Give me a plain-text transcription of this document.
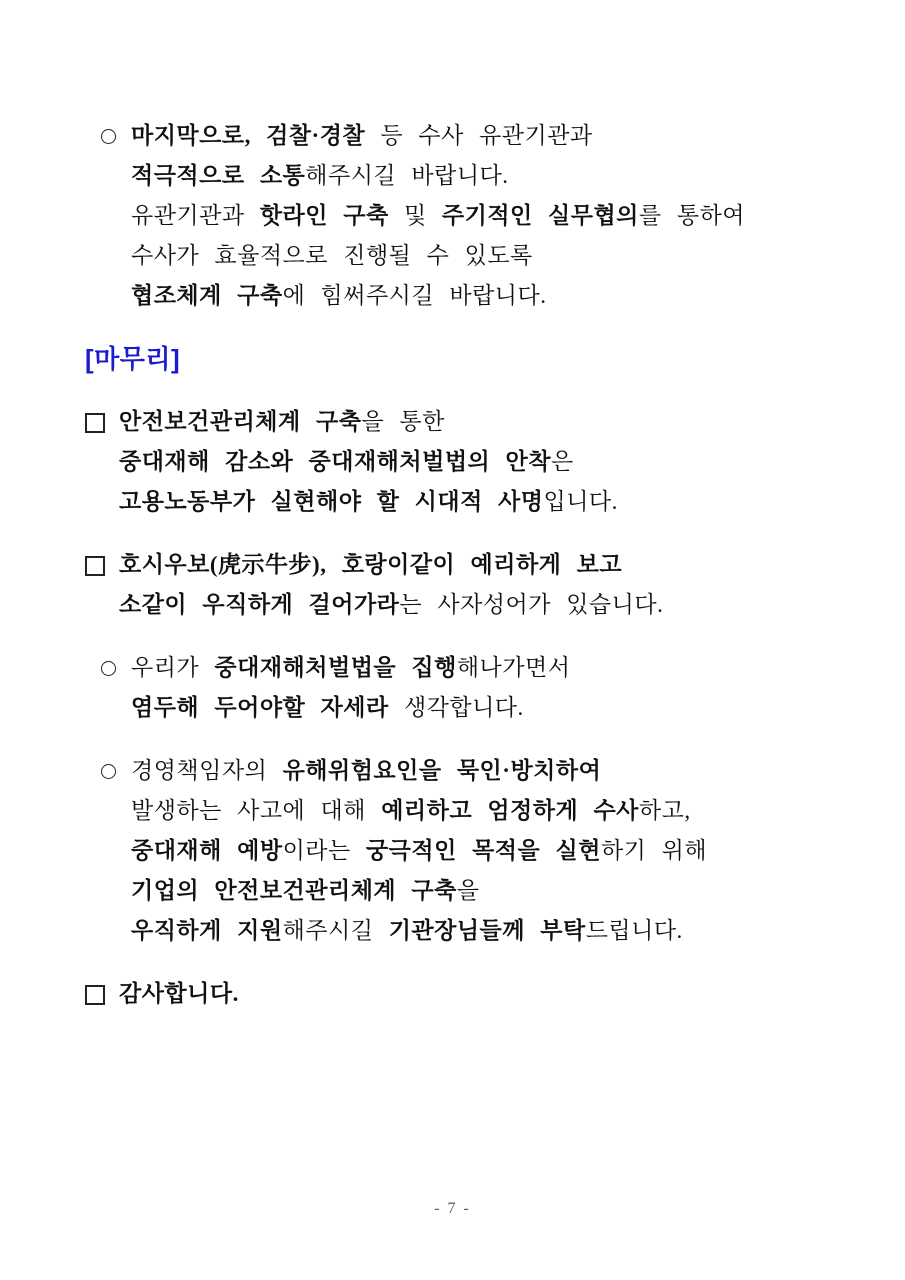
마지막으로, 검찰·경찰 등 수사 유관기관과
적극적으로 소통해주시길 바랍니다.
유관기관과 핫라인 구축 및 주기적인 실무협의를 통하여
수사가 효율적으로 진행될 수 있도록
협조체계 구축에 힘써주시길 바랍니다.
[마무리]
안전보건관리체계 구축을 통한
중대재해 감소와 중대재해처벌법의 안착은
고용노동부가 실현해야 할 시대적 사명입니다.
호시우보(虎示牛步), 호랑이같이 예리하게 보고
소같이 우직하게 걸어가라는 사자성어가 있습니다.
우리가 중대재해처벌법을 집행해나가면서
염두해 두어야할 자세라 생각합니다.
경영책임자의 유해위험요인을 묵인·방치하여
발생하는 사고에 대해 예리하고 엄정하게 수사하고,
중대재해 예방이라는 궁극적인 목적을 실현하기 위해
기업의 안전보건관리체계 구축을
우직하게 지원해주시길 기관장님들께 부탁드립니다.
감사합니다.
- 7 -
